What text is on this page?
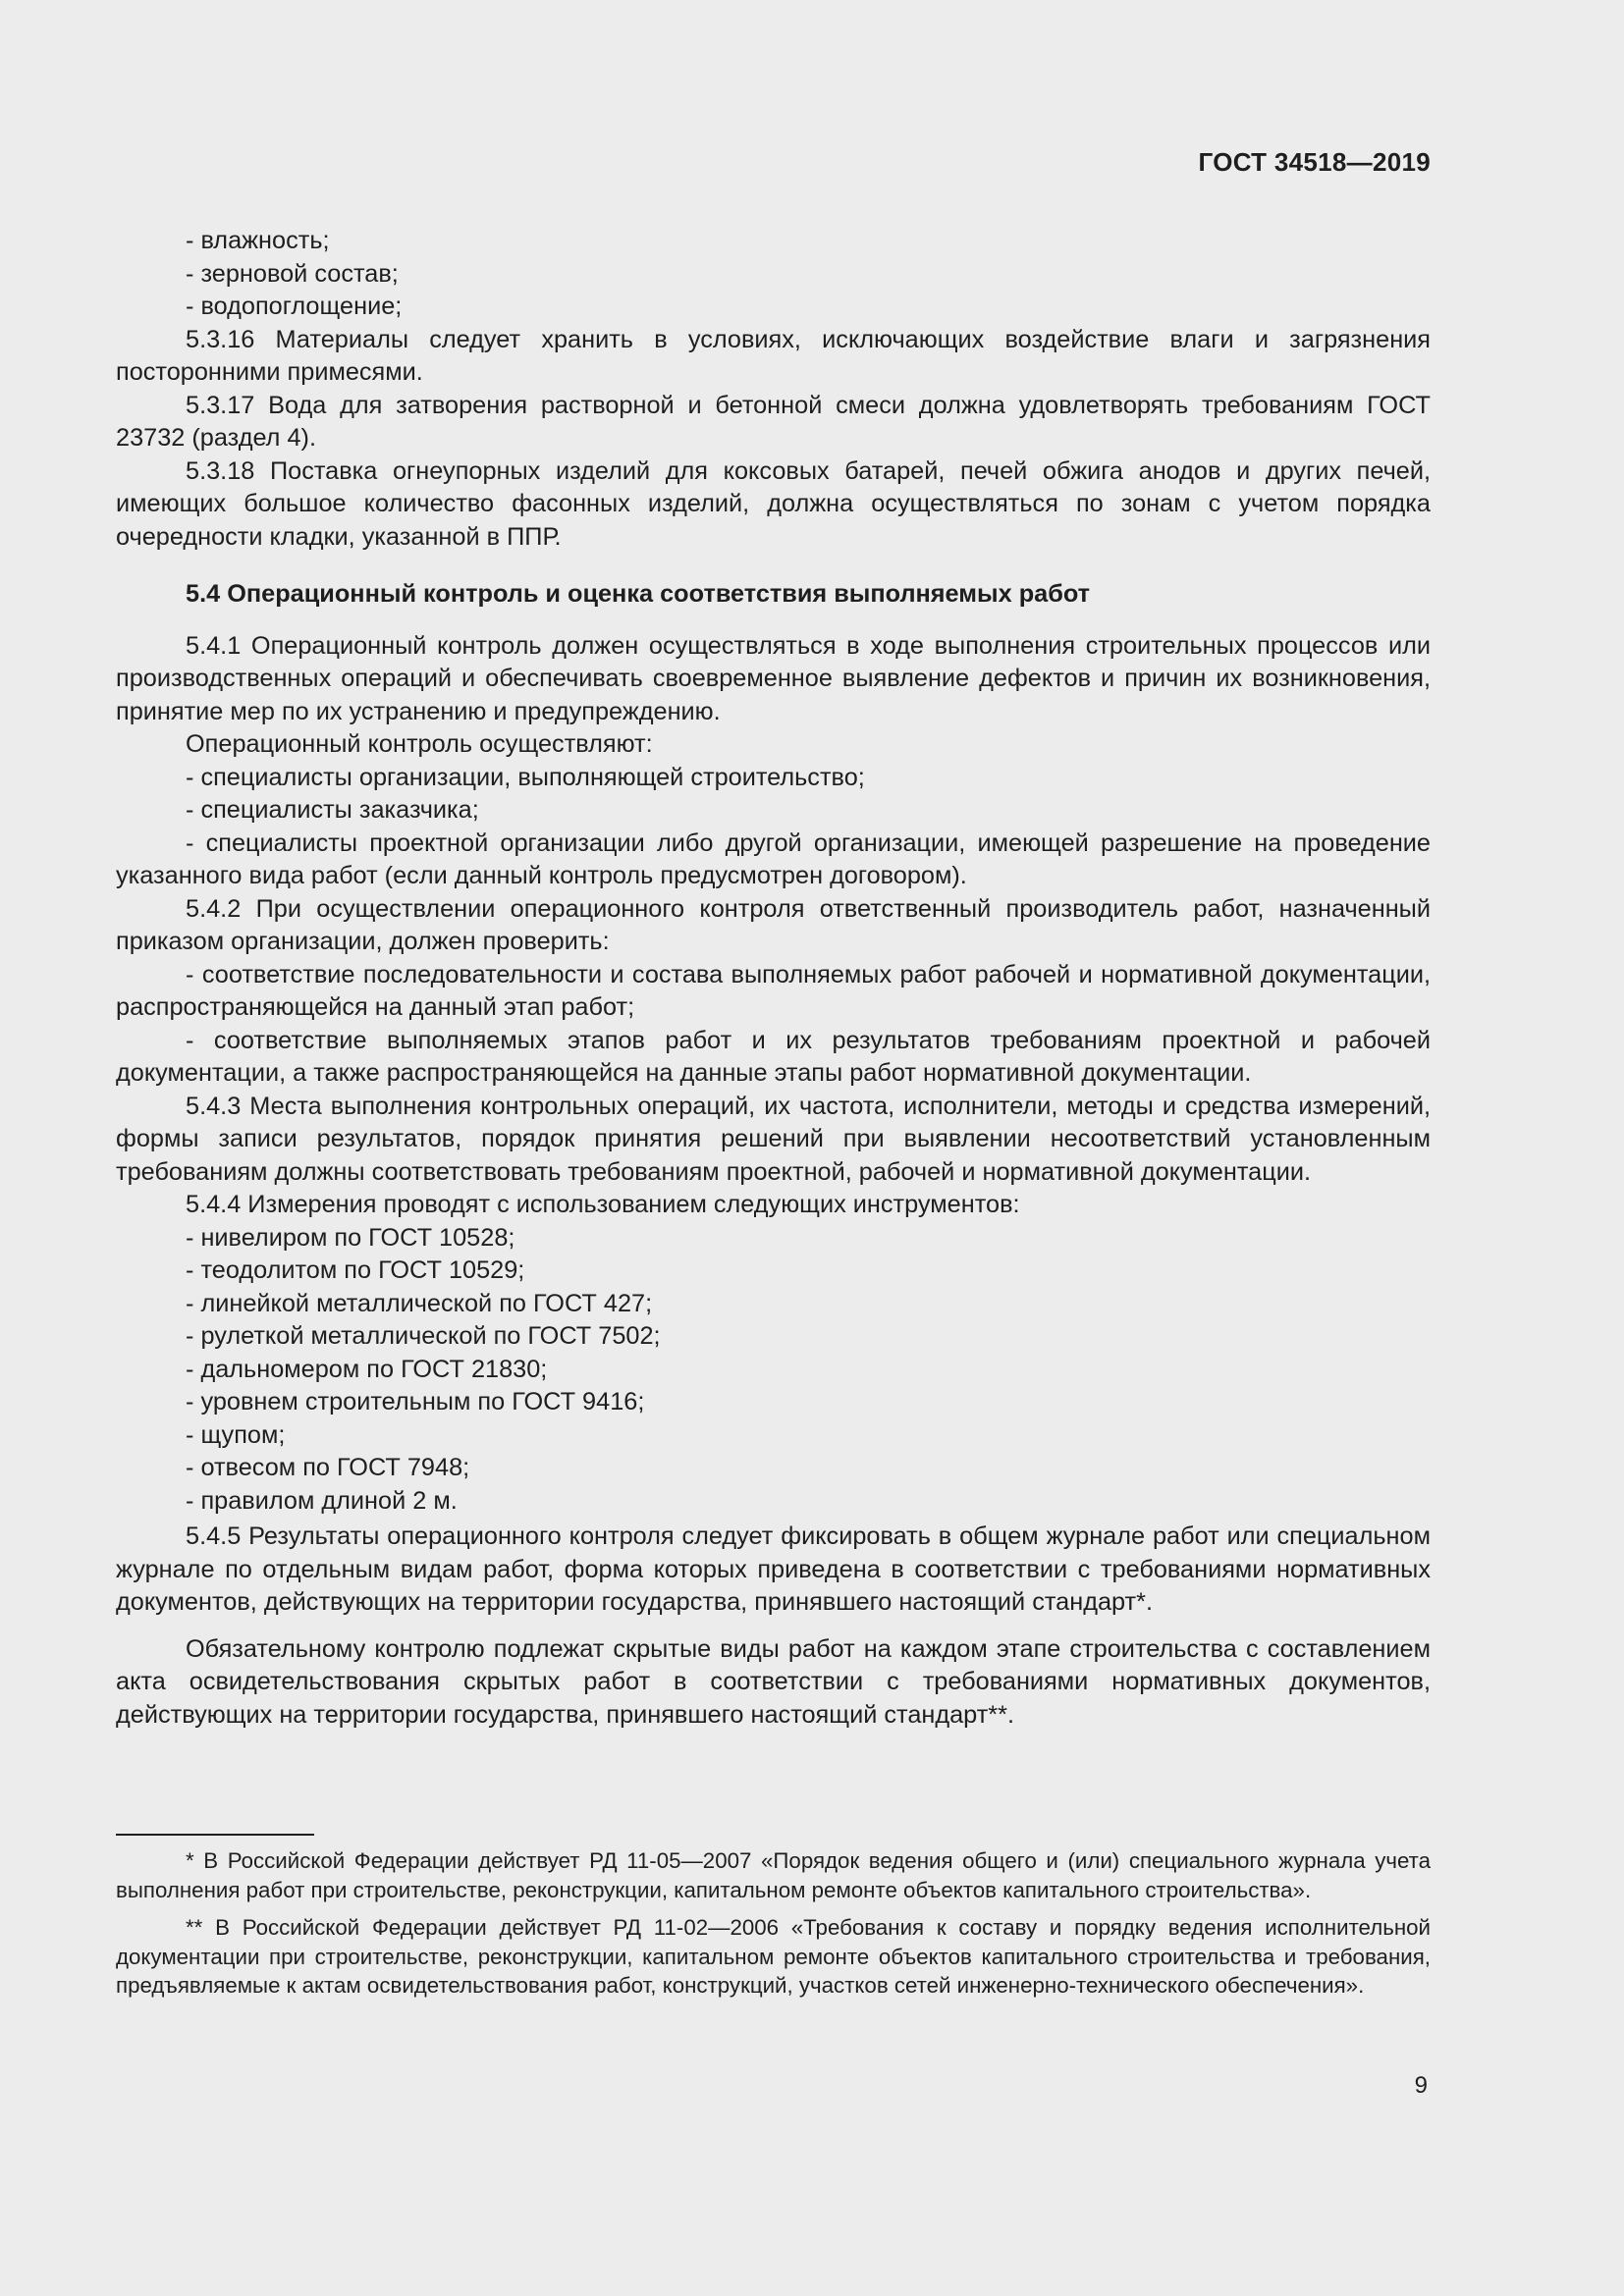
ГОСТ 34518—2019

- влажность;

- зерновой состав;

- водопоглощение;

5.3.16 Материалы следует хранить в условиях, исключающих воздействие влаги и загрязнения посторонними примесями.

5.3.17 Вода для затворения растворной и бетонной смеси должна удовлетворять требованиям ГОСТ 23732 (раздел 4).

5.3.18 Поставка огнеупорных изделий для коксовых батарей, печей обжига анодов и других печей, имеющих большое количество фасонных изделий, должна осуществляться по зонам с учетом порядка очередности кладки, указанной в ППР.

5.4 Операционный контроль и оценка соответствия выполняемых работ

5.4.1 Операционный контроль должен осуществляться в ходе выполнения строительных процессов или производственных операций и обеспечивать своевременное выявление дефектов и причин их возникновения, принятие мер по их устранению и предупреждению.

Операционный контроль осуществляют:

- специалисты организации, выполняющей строительство;

- специалисты заказчика;

- специалисты проектной организации либо другой организации, имеющей разрешение на проведение указанного вида работ (если данный контроль предусмотрен договором).

5.4.2 При осуществлении операционного контроля ответственный производитель работ, назначенный приказом организации, должен проверить:

- соответствие последовательности и состава выполняемых работ рабочей и нормативной документации, распространяющейся на данный этап работ;

- соответствие выполняемых этапов работ и их результатов требованиям проектной и рабочей документации, а также распространяющейся на данные этапы работ нормативной документации.

5.4.3 Места выполнения контрольных операций, их частота, исполнители, методы и средства измерений, формы записи результатов, порядок принятия решений при выявлении несоответствий установленным требованиям должны соответствовать требованиям проектной, рабочей и нормативной документации.

5.4.4 Измерения проводят с использованием следующих инструментов:

- нивелиром по ГОСТ 10528;

- теодолитом по ГОСТ 10529;

- линейкой металлической по ГОСТ 427;

- рулеткой металлической по ГОСТ 7502;

- дальномером по ГОСТ 21830;

- уровнем строительным по ГОСТ 9416;

- щупом;

- отвесом по ГОСТ 7948;

- правилом длиной 2 м.

5.4.5 Результаты операционного контроля следует фиксировать в общем журнале работ или специальном журнале по отдельным видам работ, форма которых приведена в соответствии с требованиями нормативных документов, действующих на территории государства, принявшего настоящий стандарт*.

Обязательному контролю подлежат скрытые виды работ на каждом этапе строительства с составлением акта освидетельствования скрытых работ в соответствии с требованиями нормативных документов, действующих на территории государства, принявшего настоящий стандарт**.

* В Российской Федерации действует РД 11-05—2007 «Порядок ведения общего и (или) специального журнала учета выполнения работ при строительстве, реконструкции, капитальном ремонте объектов капитального строительства».

** В Российской Федерации действует РД 11-02—2006 «Требования к составу и порядку ведения исполнительной документации при строительстве, реконструкции, капитальном ремонте объектов капитального строительства и требования, предъявляемые к актам освидетельствования работ, конструкций, участков сетей инженерно-технического обеспечения».

9
